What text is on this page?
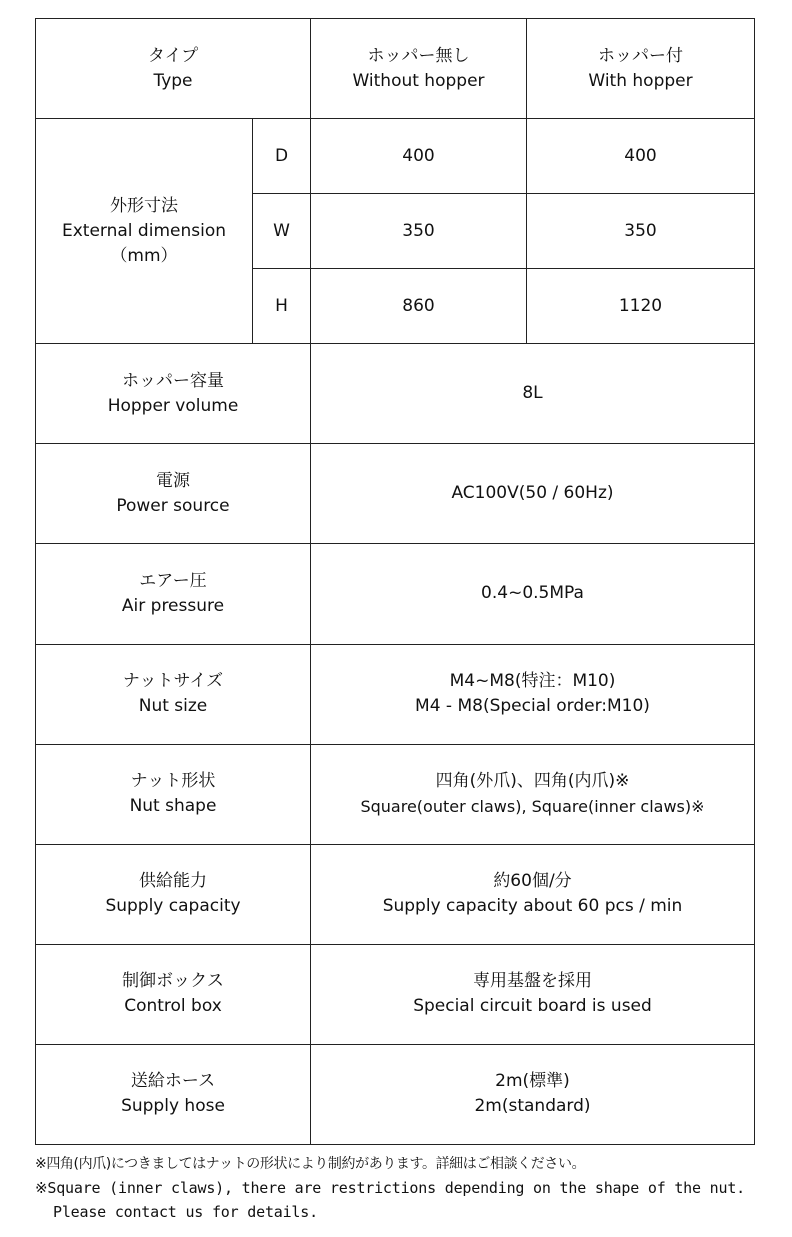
タイプ
Type		ホッパー無し
Without hopper	ホッパー付
With hopper

外形寸法
External dimension
（mm）	D	400	400
	W	350	350
	H	860	1120

ホッパー容量
Hopper volume		8L	

電源
Power source		AC100V(50 / 60Hz)	

エアー圧
Air pressure		0.4~0.5MPa	

ナットサイズ
Nut size		M4~M8(特注：M10)
M4 - M8(Special order:M10)	

ナット形状
Nut shape		四角(外爪)、四角(内爪)※
Square(outer claws), Square(inner claws)※	

供給能力
Supply capacity		約60個/分
Supply capacity about 60 pcs / min	

制御ボックス
Control box		専用基盤を採用
Special circuit board is used	

送給ホース
Supply hose		2m(標準)
2m(standard)	
※四角(内爪)につきましてはナットの形状により制約があります。詳細はご相談ください。
※Square (inner claws), there are restrictions depending on the shape of the nut.
Please contact us for details.
